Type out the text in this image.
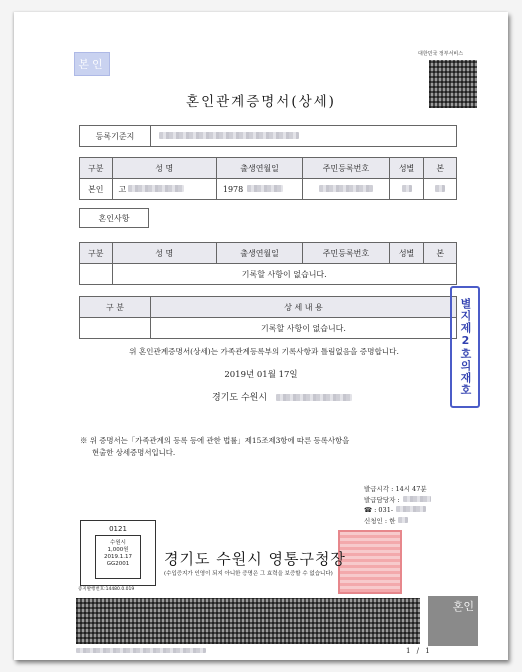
본인
대한민국 정부서비스
혼인관계증명서(상세)
등록기준지	
구분	성 명	출생연월일	주민등록번호	성별	본
본인	고	1978			
혼인사항
구분	성 명	출생연월일	주민등록번호	성별	본
	기록할 사항이 없습니다.				
구 분	상 세 내 용
	기록할 사항이 없습니다.	별지제2호의재호
위 혼인관계증명서(상세)는 가족관계등록부의 기록사항과 틀림없음을 증명합니다.
2019년 01월 17일
경기도 수원시
※ 위 증명서는「가족관계의 등록 등에 관한 법률」제15조제3항에 따른 등록사항을
현출한 상세증명서입니다.
발급시각 : 14시 47분
발급담당자 :
☎ : 031-
신청인 : 한
0121
수원시
1,000원
2019.1.17
GG2001
증지발행번호:14480.0.019
경기도 수원시 영통구청장
(수입증지가 인영이 되지 아니한 증명은 그 효력을 보증할 수 없습니다)
혼인
1 / 1
